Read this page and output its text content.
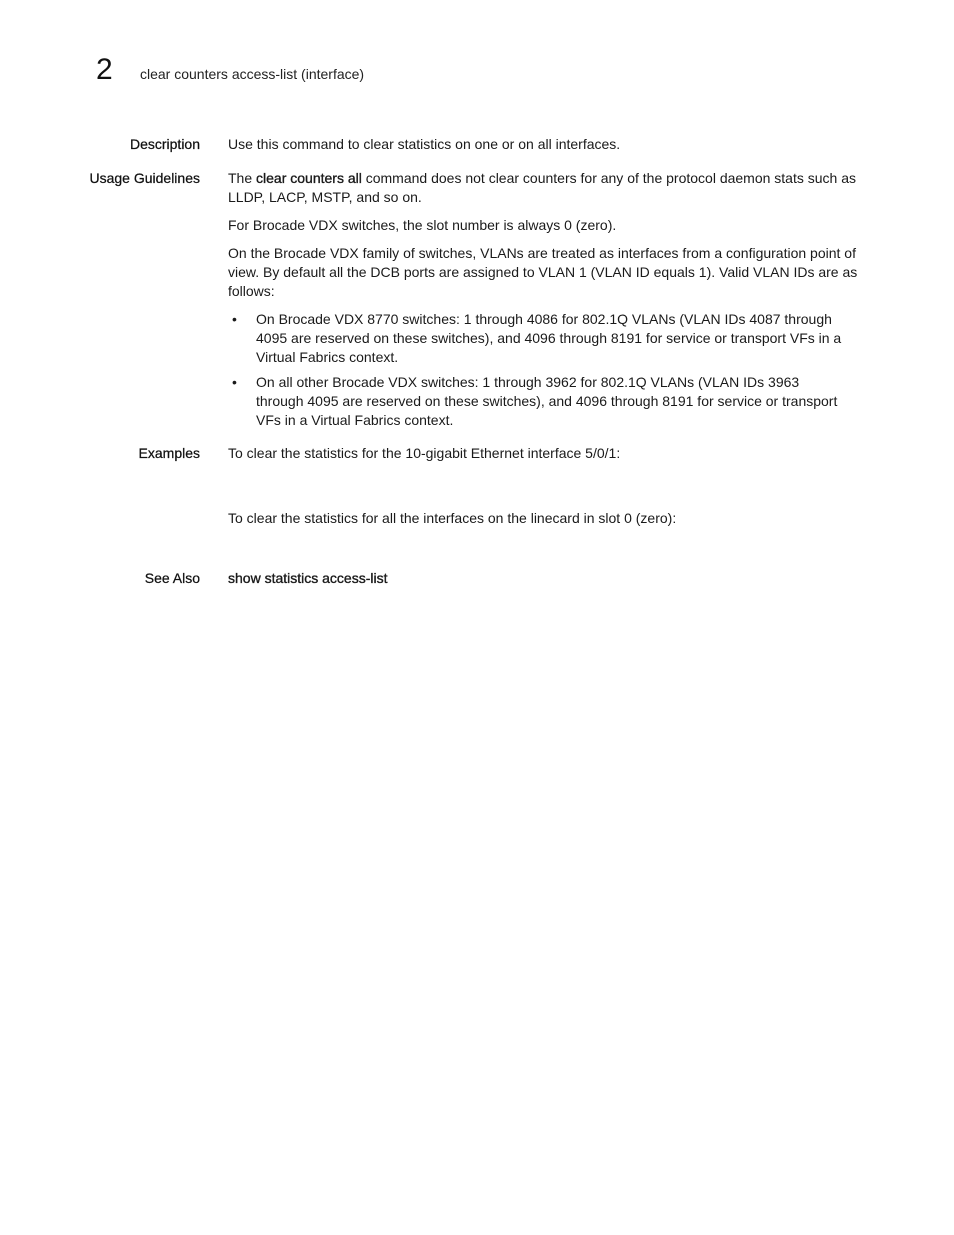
2 clear counters access-list (interface)
Description Use this command to clear statistics on one or on all interfaces.

Usage Guidelines The clear counters all command does not clear counters for any of the protocol daemon stats such as LLDP, LACP, MSTP, and so on.

For Brocade VDX switches, the slot number is always 0 (zero).

On the Brocade VDX family of switches, VLANs are treated as interfaces from a configuration point of view. By default all the DCB ports are assigned to VLAN 1 (VLAN ID equals 1). Valid VLAN IDs are as follows:

• On Brocade VDX 8770 switches: 1 through 4086 for 802.1Q VLANs (VLAN IDs 4087 through 4095 are reserved on these switches), and 4096 through 8191 for service or transport VFs in a Virtual Fabrics context.
• On all other Brocade VDX switches: 1 through 3962 for 802.1Q VLANs (VLAN IDs 3963 through 4095 are reserved on these switches), and 4096 through 8191 for service or transport VFs in a Virtual Fabrics context.
Examples To clear the statistics for the 10-gigabit Ethernet interface 5/0/1:

To clear the statistics for all the interfaces on the linecard in slot 0 (zero):

See Also show statistics access-list
